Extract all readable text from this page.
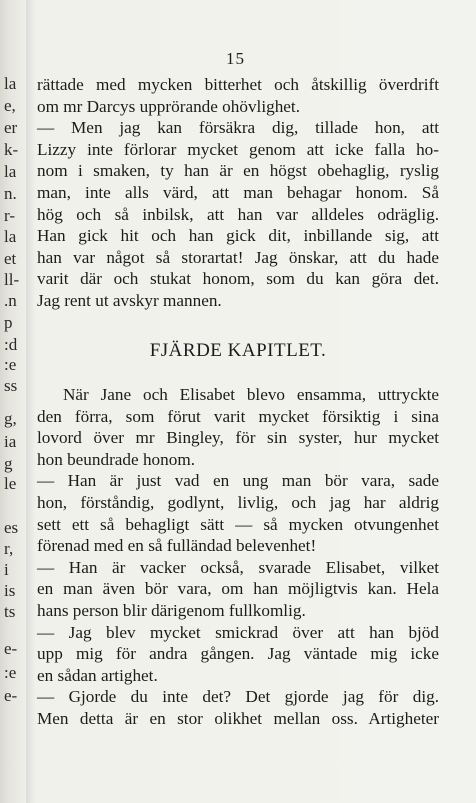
la
e,
er
k-
la
n.
r-
la
et
ll-
.n
p
:d
:e
ss
g,
ia
g
le
es
r,
i
is
ts
e-
:e
e-
15
rättade med mycken bitterhet och åtskillig överdrift
om mr Darcys upprörande ohövlighet.
— Men jag kan försäkra dig, tillade hon, att
Lizzy inte förlorar mycket genom att icke falla ho-
nom i smaken, ty han är en högst obehaglig, ryslig
man, inte alls värd, att man behagar honom. Så
hög och så inbilsk, att han var alldeles odräglig.
Han gick hit och han gick dit, inbillande sig, att
han var något så storartat! Jag önskar, att du hade
varit där och stukat honom, som du kan göra det.
Jag rent ut avskyr mannen.
FJÄRDE KAPITLET.
När Jane och Elisabet blevo ensamma, uttryckte
den förra, som förut varit mycket försiktig i sina
lovord över mr Bingley, för sin syster, hur mycket
hon beundrade honom.
— Han är just vad en ung man bör vara, sade
hon, förståndig, godlynt, livlig, och jag har aldrig
sett ett så behagligt sätt — så mycken otvungenhet
förenad med en så fulländad belevenhet!
— Han är vacker också, svarade Elisabet, vilket
en man även bör vara, om han möjligtvis kan. Hela
hans person blir därigenom fullkomlig.
— Jag blev mycket smickrad över att han bjöd
upp mig för andra gången. Jag väntade mig icke
en sådan artighet.
— Gjorde du inte det? Det gjorde jag för dig.
Men detta är en stor olikhet mellan oss. Artigheter
